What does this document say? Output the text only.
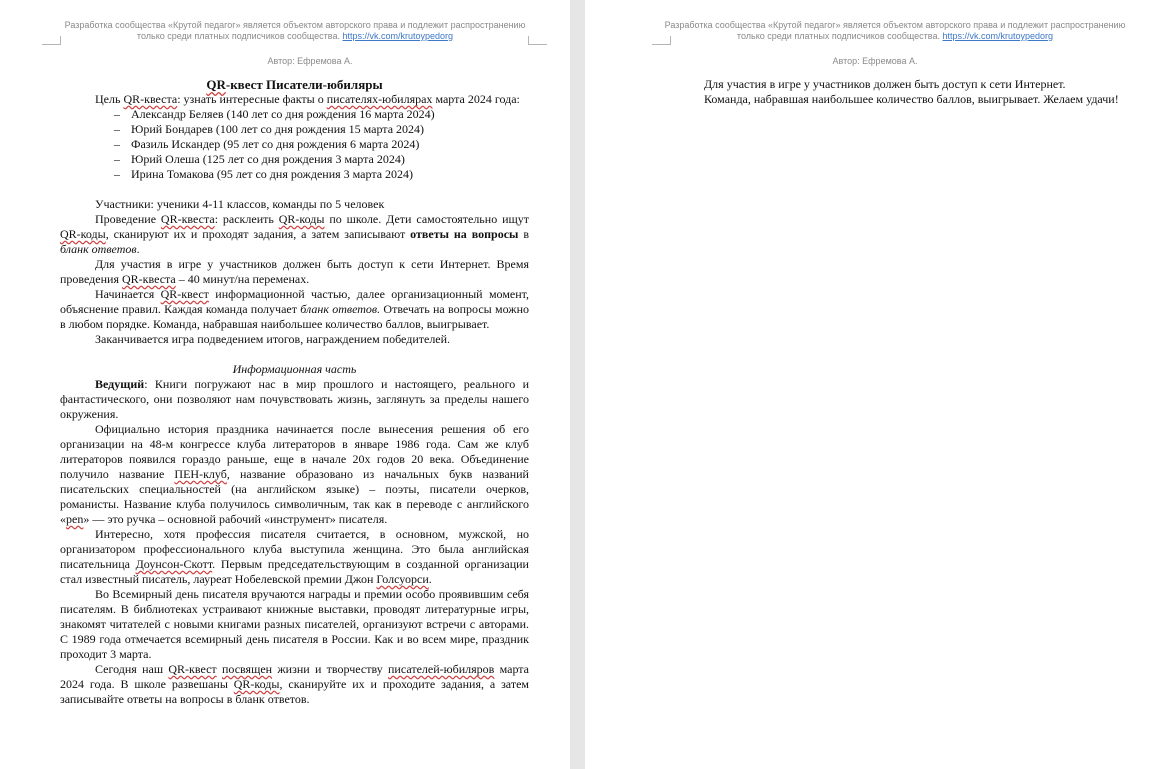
Разработка сообщества «Крутой педагог» является объектом авторского права и подлежит распространению
только среди платных подписчиков сообщества. https://vk.com/krutoypedorg
Автор: Ефремова А.

QR-квест Писатели-юбиляры

Цель QR-квеста: узнать интересные факты о писателях-юбилярах марта 2024 года:

– Александр Беляев (140 лет со дня рождения 16 марта 2024)
– Юрий Бондарев (100 лет со дня рождения 15 марта 2024)
– Фазиль Искандер (95 лет со дня рождения 6 марта 2024)
– Юрий Олеша (125 лет со дня рождения 3 марта 2024)
– Ирина Томакова (95 лет со дня рождения 3 марта 2024)

Участники: ученики 4-11 классов, команды по 5 человек

Проведение QR-квеста: расклеить QR-коды по школе. Дети самостоятельно ищут QR-коды, сканируют их и проходят задания, а затем записывают ответы на вопросы в бланк ответов.

Для участия в игре у участников должен быть доступ к сети Интернет. Время проведения QR-квеста – 40 минут/на переменах.

Начинается QR-квест информационной частью, далее организационный момент, объяснение правил. Каждая команда получает бланк ответов. Отвечать на вопросы можно в любом порядке. Команда, набравшая наибольшее количество баллов, выигрывает.

Заканчивается игра подведением итогов, награждением победителей.

Информационная часть

Ведущий: Книги погружают нас в мир прошлого и настоящего, реального и фантастического, они позволяют нам почувствовать жизнь, заглянуть за пределы нашего окружения.

Официально история праздника начинается после вынесения решения об его организации на 48-м конгрессе клуба литераторов в январе 1986 года. Сам же клуб литераторов появился гораздо раньше, еще в начале 20х годов 20 века. Объединение получило название ПЕН-клуб, название образовано из начальных букв названий писательских специальностей (на английском языке) – поэты, писатели очерков, романисты. Название клуба получилось символичным, так как в переводе с английского «pen» — это ручка – основной рабочий «инструмент» писателя.

Интересно, хотя профессия писателя считается, в основном, мужской, но организатором профессионального клуба выступила женщина. Это была английская писательница Доунсон-Скотт. Первым председательствующим в созданной организации стал известный писатель, лауреат Нобелевской премии Джон Голсуорси.

Во Всемирный день писателя вручаются награды и премии особо проявившим себя писателям. В библиотеках устраивают книжные выставки, проводят литературные игры, знакомят читателей с новыми книгами разных писателей, организуют встречи с авторами. С 1989 года отмечается всемирный день писателя в России. Как и во всем мире, праздник проходит 3 марта.

Сегодня наш QR-квест посвящен жизни и творчеству писателей-юбиляров марта 2024 года. В школе развешаны QR-коды, сканируйте их и проходите задания, а затем записывайте ответы на вопросы в бланк ответов.

Разработка сообщества «Крутой педагог» является объектом авторского права и подлежит распространению
только среди платных подписчиков сообщества. https://vk.com/krutoypedorg
Автор: Ефремова А.

Для участия в игре у участников должен быть доступ к сети Интернет.

Команда, набравшая наибольшее количество баллов, выигрывает. Желаем удачи!
